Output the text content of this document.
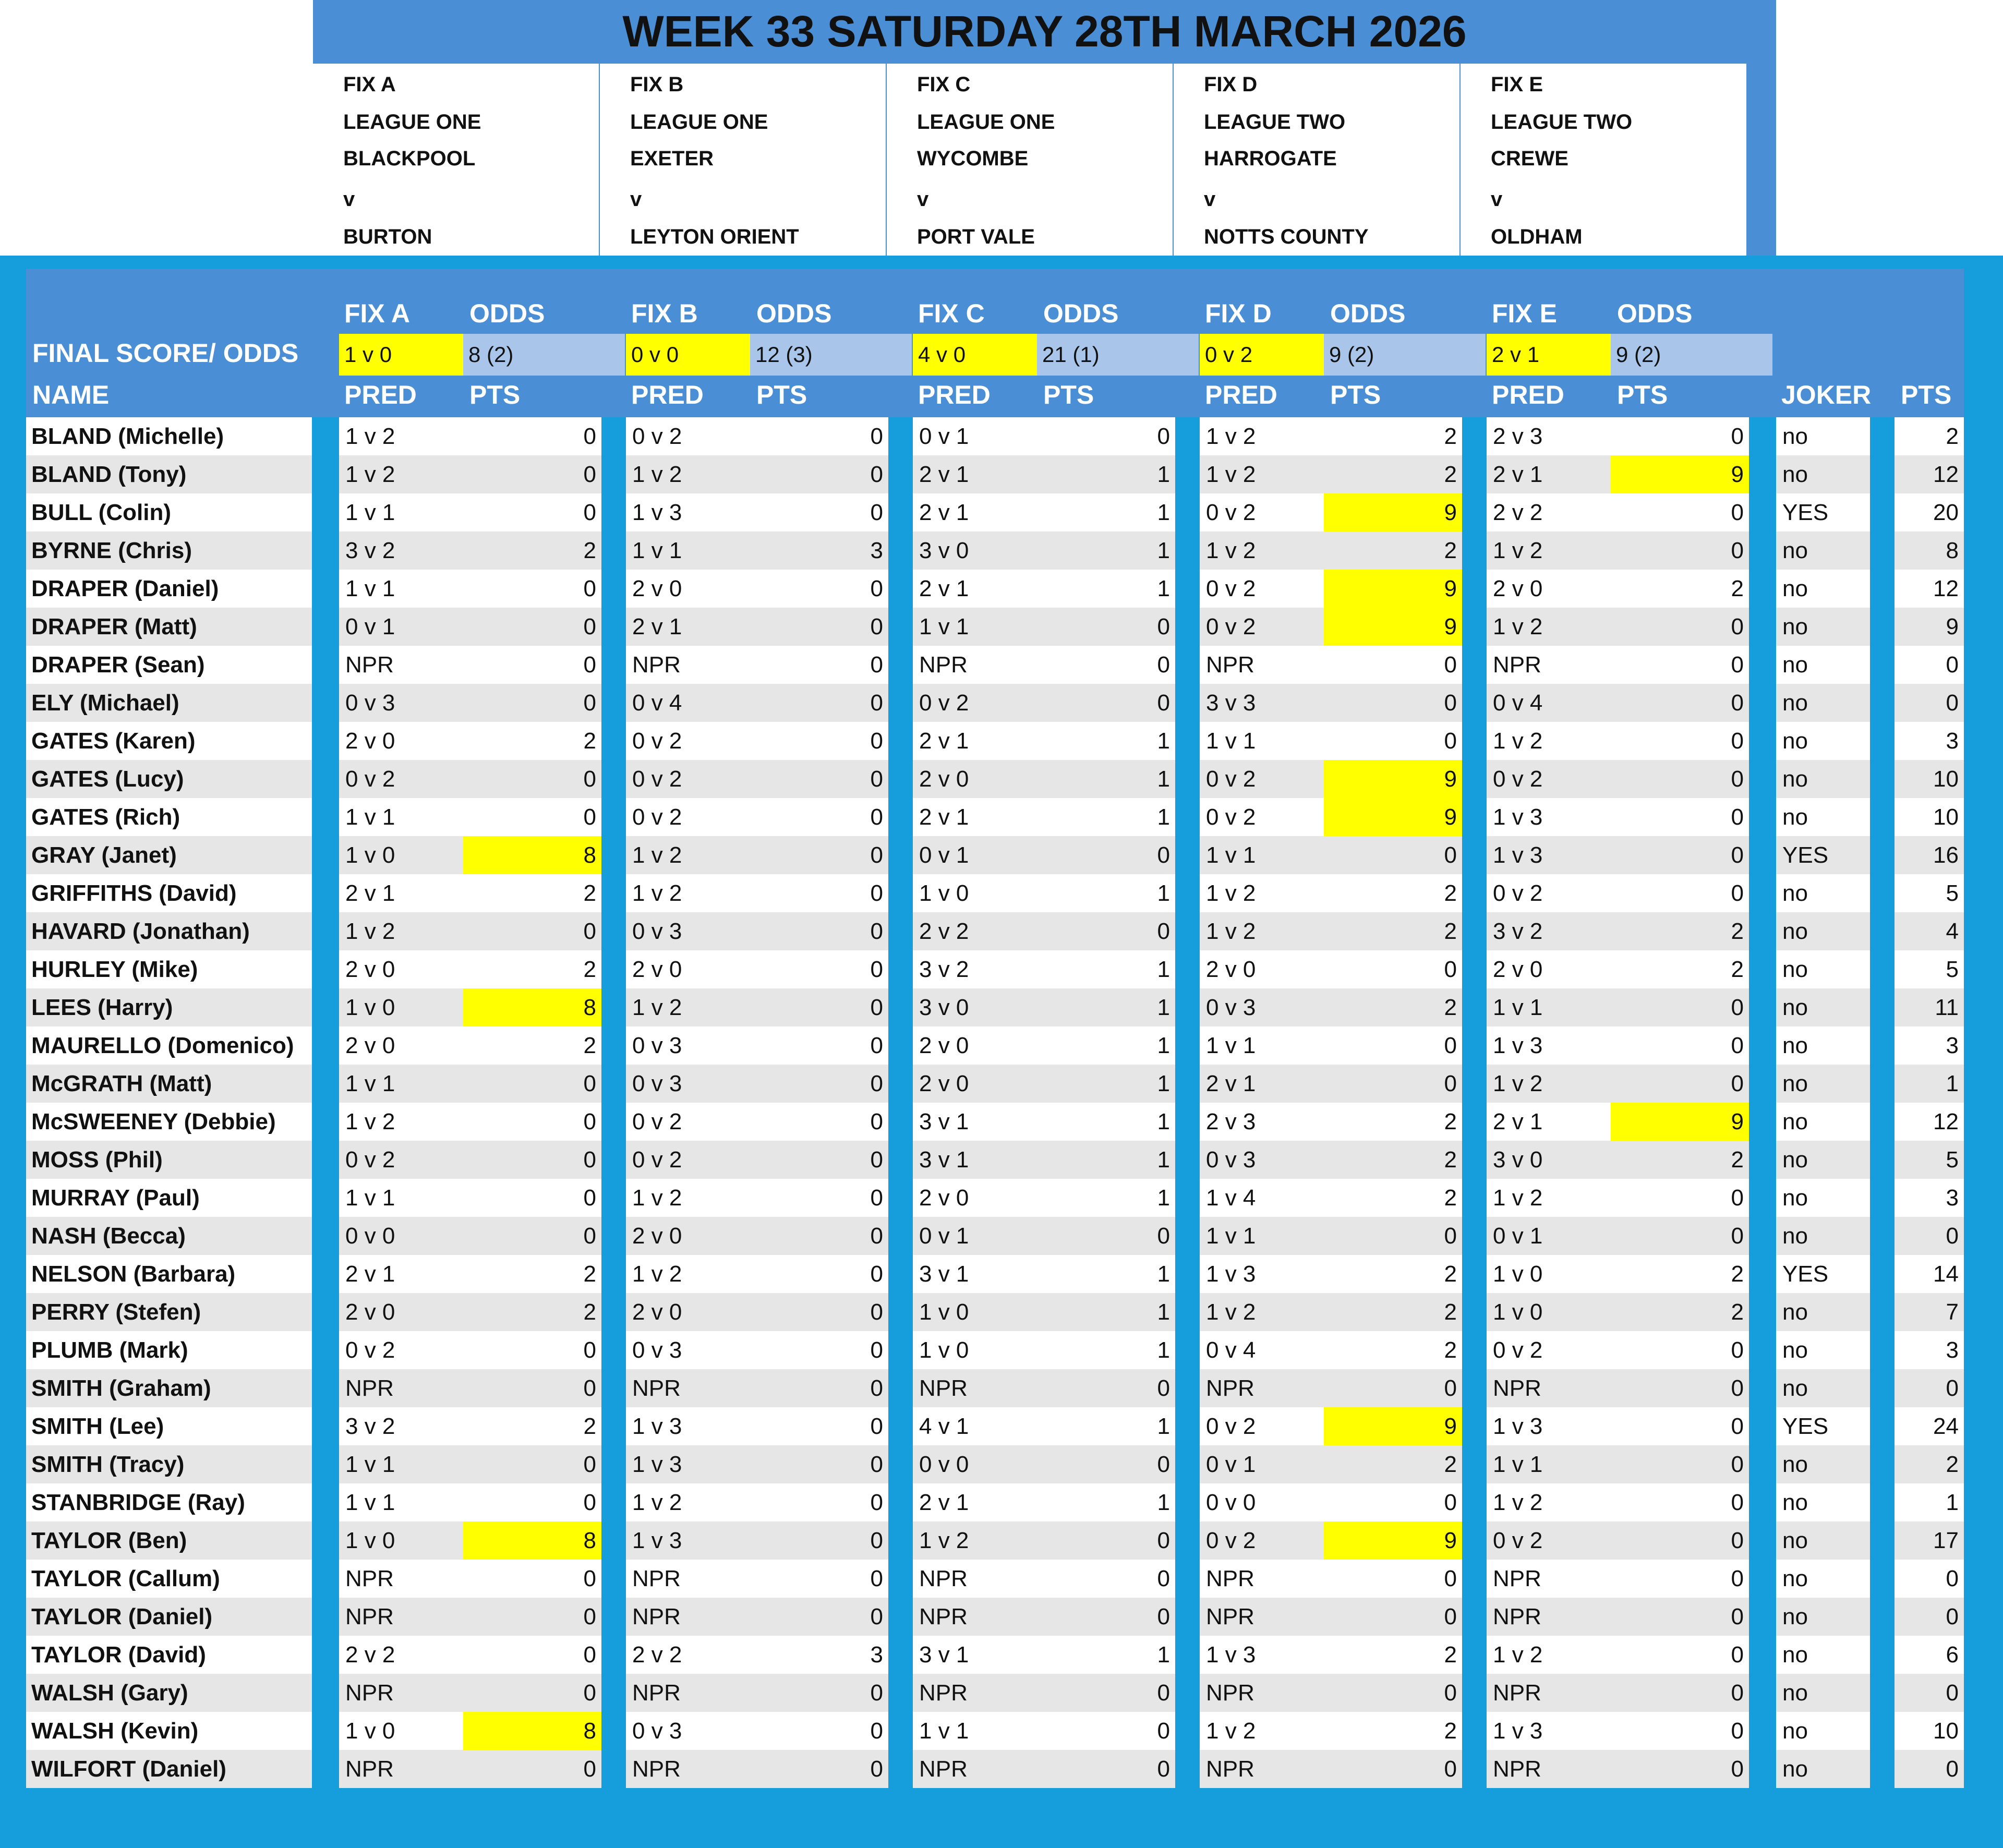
WEEK 33 SATURDAY 28TH MARCH 2026
FIX A
LEAGUE ONE
BLACKPOOL
v
BURTON
FIX B
LEAGUE ONE
EXETER
v
LEYTON ORIENT
FIX C
LEAGUE ONE
WYCOMBE
v
PORT VALE
FIX D
LEAGUE TWO
HARROGATE
v
NOTTS COUNTY
FIX E
LEAGUE TWO
CREWE
v
OLDHAM
FINAL SCORE/ ODDS
NAME
FIX A ODDS
PRED PTS
1 v 0	8 (2)
FIX B ODDS
PRED PTS
0 v 0	12 (3)
FIX C ODDS
PRED PTS
4 v 0	21 (1)
FIX D ODDS
PRED PTS
0 v 2	9 (2)
FIX E ODDS
PRED PTS
2 v 1	9 (2)
JOKER PTS
BLAND (Michelle)	1 v 2	0 0 v 2	0 0 v 1	0 1 v 2	2 2 v 3	0 no	2
BLAND (Tony)	1 v 2	0 1 v 2	0 2 v 1	1 1 v 2	2 2 v 1	9 no	12
BULL (Colin)	1 v 1	0 1 v 3	0 2 v 1	1 0 v 2	9 2 v 2	0 YES	20
BYRNE (Chris)	3 v 2	2 1 v 1	3 3 v 0	1 1 v 2	2 1 v 2	0 no	8
DRAPER (Daniel)	1 v 1	0 2 v 0	0 2 v 1	1 0 v 2	9 2 v 0	2 no	12
DRAPER (Matt)	0 v 1	0 2 v 1	0 1 v 1	0 0 v 2	9 1 v 2	0 no	9
DRAPER (Sean)	NPR	0 NPR	0 NPR	0 NPR	0 NPR	0 no	0
ELY (Michael)	0 v 3	0 0 v 4	0 0 v 2	0 3 v 3	0 0 v 4	0 no	0
GATES (Karen)	2 v 0	2 0 v 2	0 2 v 1	1 1 v 1	0 1 v 2	0 no	3
GATES (Lucy)	0 v 2	0 0 v 2	0 2 v 0	1 0 v 2	9 0 v 2	0 no	10
GATES (Rich)	1 v 1	0 0 v 2	0 2 v 1	1 0 v 2	9 1 v 3	0 no	10
GRAY (Janet)	1 v 0	8 1 v 2	0 0 v 1	0 1 v 1	0 1 v 3	0 YES	16
GRIFFITHS (David)	2 v 1	2 1 v 2	0 1 v 0	1 1 v 2	2 0 v 2	0 no	5
HAVARD (Jonathan)	1 v 2	0 0 v 3	0 2 v 2	0 1 v 2	2 3 v 2	2 no	4
HURLEY (Mike)	2 v 0	2 2 v 0	0 3 v 2	1 2 v 0	0 2 v 0	2 no	5
LEES (Harry)	1 v 0	8 1 v 2	0 3 v 0	1 0 v 3	2 1 v 1	0 no	11
MAURELLO (Domenico)	2 v 0	2 0 v 3	0 2 v 0	1 1 v 1	0 1 v 3	0 no	3
McGRATH (Matt)	1 v 1	0 0 v 3	0 2 v 0	1 2 v 1	0 1 v 2	0 no	1
McSWEENEY (Debbie)	1 v 2	0 0 v 2	0 3 v 1	1 2 v 3	2 2 v 1	9 no	12
MOSS (Phil)	0 v 2	0 0 v 2	0 3 v 1	1 0 v 3	2 3 v 0	2 no	5
MURRAY (Paul)	1 v 1	0 1 v 2	0 2 v 0	1 1 v 4	2 1 v 2	0 no	3
NASH (Becca)	0 v 0	0 2 v 0	0 0 v 1	0 1 v 1	0 0 v 1	0 no	0
NELSON (Barbara)	2 v 1	2 1 v 2	0 3 v 1	1 1 v 3	2 1 v 0	2 YES	14
PERRY (Stefen)	2 v 0	2 2 v 0	0 1 v 0	1 1 v 2	2 1 v 0	2 no	7
PLUMB (Mark)	0 v 2	0 0 v 3	0 1 v 0	1 0 v 4	2 0 v 2	0 no	3
SMITH (Graham)	NPR	0 NPR	0 NPR	0 NPR	0 NPR	0 no	0
SMITH (Lee)	3 v 2	2 1 v 3	0 4 v 1	1 0 v 2	9 1 v 3	0 YES	24
SMITH (Tracy)	1 v 1	0 1 v 3	0 0 v 0	0 0 v 1	2 1 v 1	0 no	2
STANBRIDGE (Ray)	1 v 1	0 1 v 2	0 2 v 1	1 0 v 0	0 1 v 2	0 no	1
TAYLOR (Ben)	1 v 0	8 1 v 3	0 1 v 2	0 0 v 2	9 0 v 2	0 no	17
TAYLOR (Callum)	NPR	0 NPR	0 NPR	0 NPR	0 NPR	0 no	0
TAYLOR (Daniel)	NPR	0 NPR	0 NPR	0 NPR	0 NPR	0 no	0
TAYLOR (David)	2 v 2	0 2 v 2	3 3 v 1	1 1 v 3	2 1 v 2	0 no	6
WALSH (Gary)	NPR	0 NPR	0 NPR	0 NPR	0 NPR	0 no	0
WALSH (Kevin)	1 v 0	8 0 v 3	0 1 v 1	0 1 v 2	2 1 v 3	0 no	10
WILFORT (Daniel)	NPR	0 NPR	0 NPR	0 NPR	0 NPR	0 no	0
